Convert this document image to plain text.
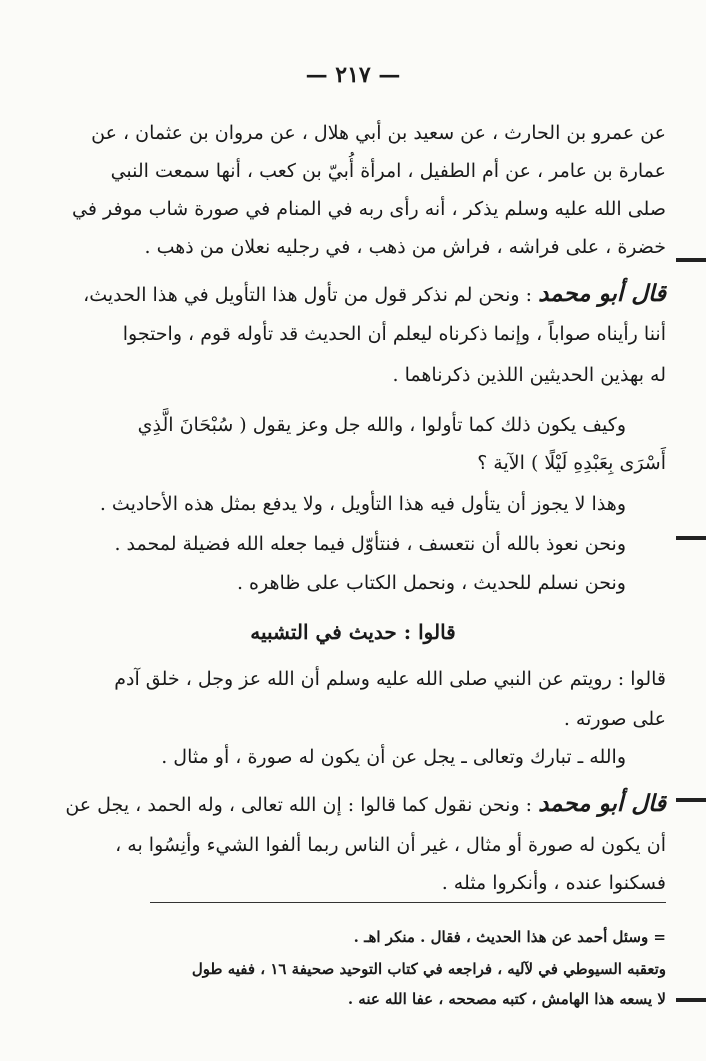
— ٢١٧ —
عن عمرو بن الحارث ، عن سعيد بن أبي هلال ، عن مروان بن عثمان ، عن
عمارة بن عامر ، عن أم الطفيل ، امرأة أُبيّ بن كعب ، أنها سمعت النبي
صلى الله عليه وسلم يذكر ، أنه رأى ربه في المنام في صورة شاب موفر في
خضرة ، على فراشه ، فراش من ذهب ، في رجليه نعلان من ذهب .
قال أبو محمد: ونحن لم نذكر قول من تأول هذا التأويل في هذا الحديث،
أننا رأيناه صواباً ، وإنما ذكرناه ليعلم أن الحديث قد تأوله قوم ، واحتجوا
له بهذين الحديثين اللذين ذكرناهما .
وكيف يكون ذلك كما تأولوا ، والله جل وعز يقول ( سُبْحَانَ الَّذِي
أَسْرَى بِعَبْدِهِ لَيْلًا ) الآية ؟
وهذا لا يجوز أن يتأول فيه هذا التأويل ، ولا يدفع بمثل هذه الأحاديث .
ونحن نعوذ بالله أن نتعسف ، فنتأوّل فيما جعله الله فضيلة لمحمد .
ونحن نسلم للحديث ، ونحمل الكتاب على ظاهره .
قالوا : حديث في التشبيه
قالوا : رويتم عن النبي صلى الله عليه وسلم أن الله عز وجل ، خلق آدم
على صورته .
والله ـ تبارك وتعالى ـ يجل عن أن يكون له صورة ، أو مثال .
قال أبو محمد: ونحن نقول كما قالوا : إن الله تعالى ، وله الحمد ، يجل عن
أن يكون له صورة أو مثال ، غير أن الناس ربما ألفوا الشيء وأنِسُوا به ،
فسكنوا عنده ، وأنكروا مثله .
= وسئل أحمد عن هذا الحديث ، فقال . منكر اهـ .
وتعقبه السيوطي في لآليه ، فراجعه في كتاب التوحيد صحيفة ١٦ ، ففيه طول
لا يسعه هذا الهامش ، كتبه مصححه ، عفا الله عنه .
